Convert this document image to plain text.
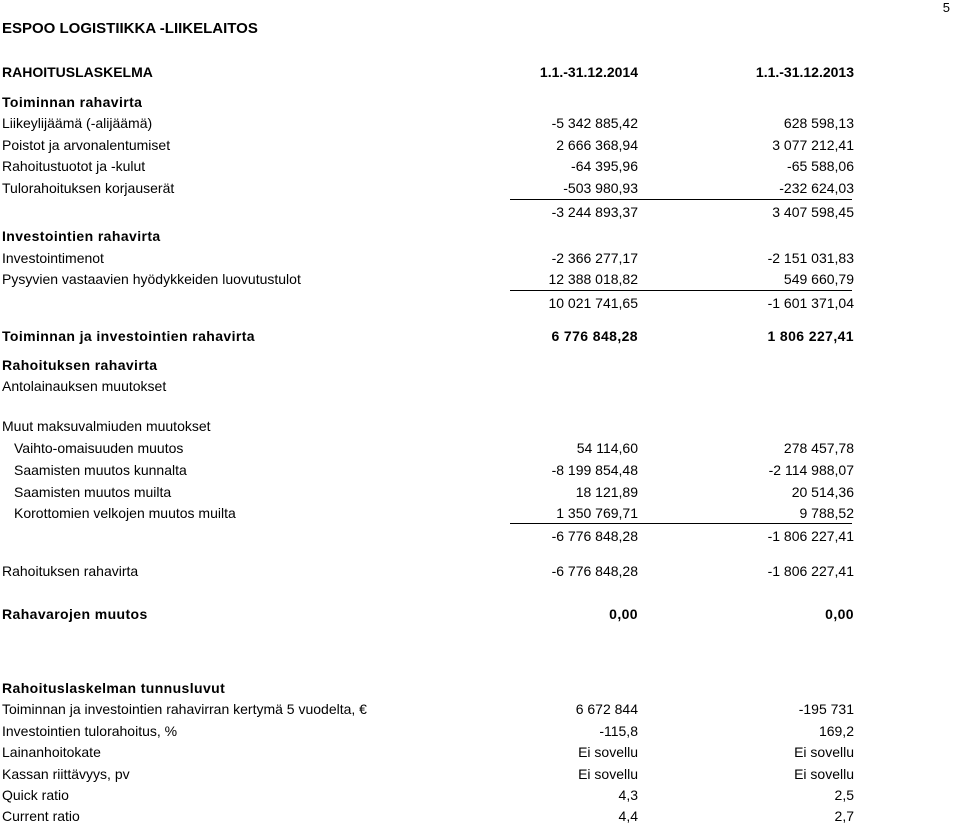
5
ESPOO LOGISTIIKKA -LIIKELAITOS
RAHOITUSLASKELMA	1.1.-31.12.2014	1.1.-31.12.2013
Toiminnan rahavirta
Liikeylijäämä (-alijäämä)	-5 342 885,42	628 598,13
Poistot ja arvonalentumiset	2 666 368,94	3 077 212,41
Rahoitustuotot ja -kulut	-64 395,96	-65 588,06
Tulorahoituksen korjauserät	-503 980,93	-232 624,03
-3 244 893,37	3 407 598,45
Investointien rahavirta
Investointimenot	-2 366 277,17	-2 151 031,83
Pysyvien vastaavien hyödykkeiden luovutustulot	12 388 018,82	549 660,79
10 021 741,65	-1 601 371,04
Toiminnan ja investointien rahavirta	6 776 848,28	1 806 227,41
Rahoituksen rahavirta
Antolainauksen muutokset
Muut maksuvalmiuden muutokset
Vaihto-omaisuuden muutos	54 114,60	278 457,78
Saamisten muutos kunnalta	-8 199 854,48	-2 114 988,07
Saamisten muutos muilta	18 121,89	20 514,36
Korottomien velkojen muutos muilta	1 350 769,71	9 788,52
-6 776 848,28	-1 806 227,41
Rahoituksen rahavirta	-6 776 848,28	-1 806 227,41
Rahavarojen muutos	0,00	0,00
Rahoituslaskelman tunnusluvut
Toiminnan ja investointien rahavirran kertymä 5 vuodelta, €	6 672 844	-195 731
Investointien tulorahoitus, %	-115,8	169,2
Lainanhoitokate	Ei sovellu	Ei sovellu
Kassan riittävyys, pv	Ei sovellu	Ei sovellu
Quick ratio	4,3	2,5
Current ratio	4,4	2,7
